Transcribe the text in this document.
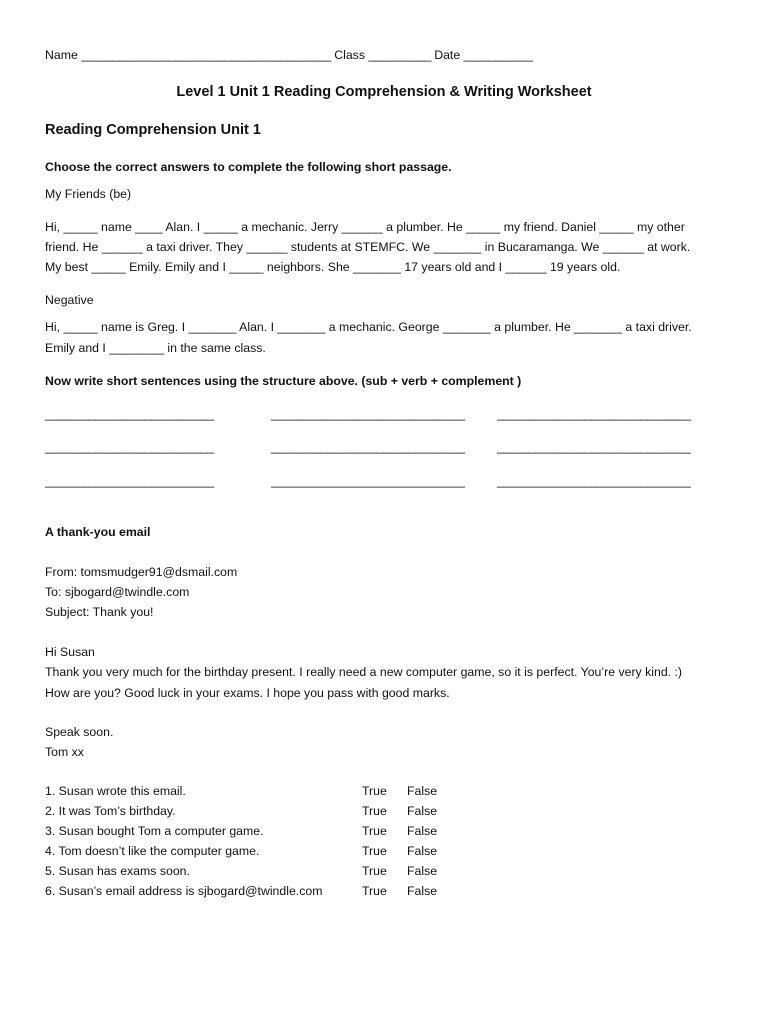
Name ________________________________________ Class __________ Date ___________
Level 1 Unit 1 Reading Comprehension & Writing Worksheet
Reading Comprehension Unit 1
Choose the correct answers to complete the following short passage.
My Friends (be)
Hi, _____ name ____ Alan. I _____ a mechanic. Jerry ______ a plumber. He _____ my friend. Daniel _____ my other
friend. He ______ a taxi driver. They ______ students at STEMFC. We _______ in Bucaramanga. We ______ at work.
My best _____ Emily. Emily and I _____ neighbors. She _______ 17 years old and I ______ 19 years old.
Negative
Hi, _____ name is Greg. I _______ Alan. I _______ a mechanic. George _______ a plumber. He _______ a taxi driver.
Emily and I ________ in the same class.
Now write short sentences using the structure above. (sub + verb + complement )
___________________________	_______________________________	_______________________________
___________________________	_______________________________	_______________________________
___________________________	_______________________________	_______________________________
A thank-you email
From: tomsmudger91@dsmail.com
To: sjbogard@twindle.com
Subject: Thank you!
Hi Susan
Thank you very much for the birthday present. I really need a new computer game, so it is perfect. You’re very kind. :)
How are you? Good luck in your exams. I hope you pass with good marks.
Speak soon.
Tom xx
1. Susan wrote this email.	True False
2. It was Tom’s birthday.	True False
3. Susan bought Tom a computer game.	True False
4. Tom doesn’t like the computer game.	True False
5. Susan has exams soon.	True False
6. Susan’s email address is sjbogard@twindle.com	True False
